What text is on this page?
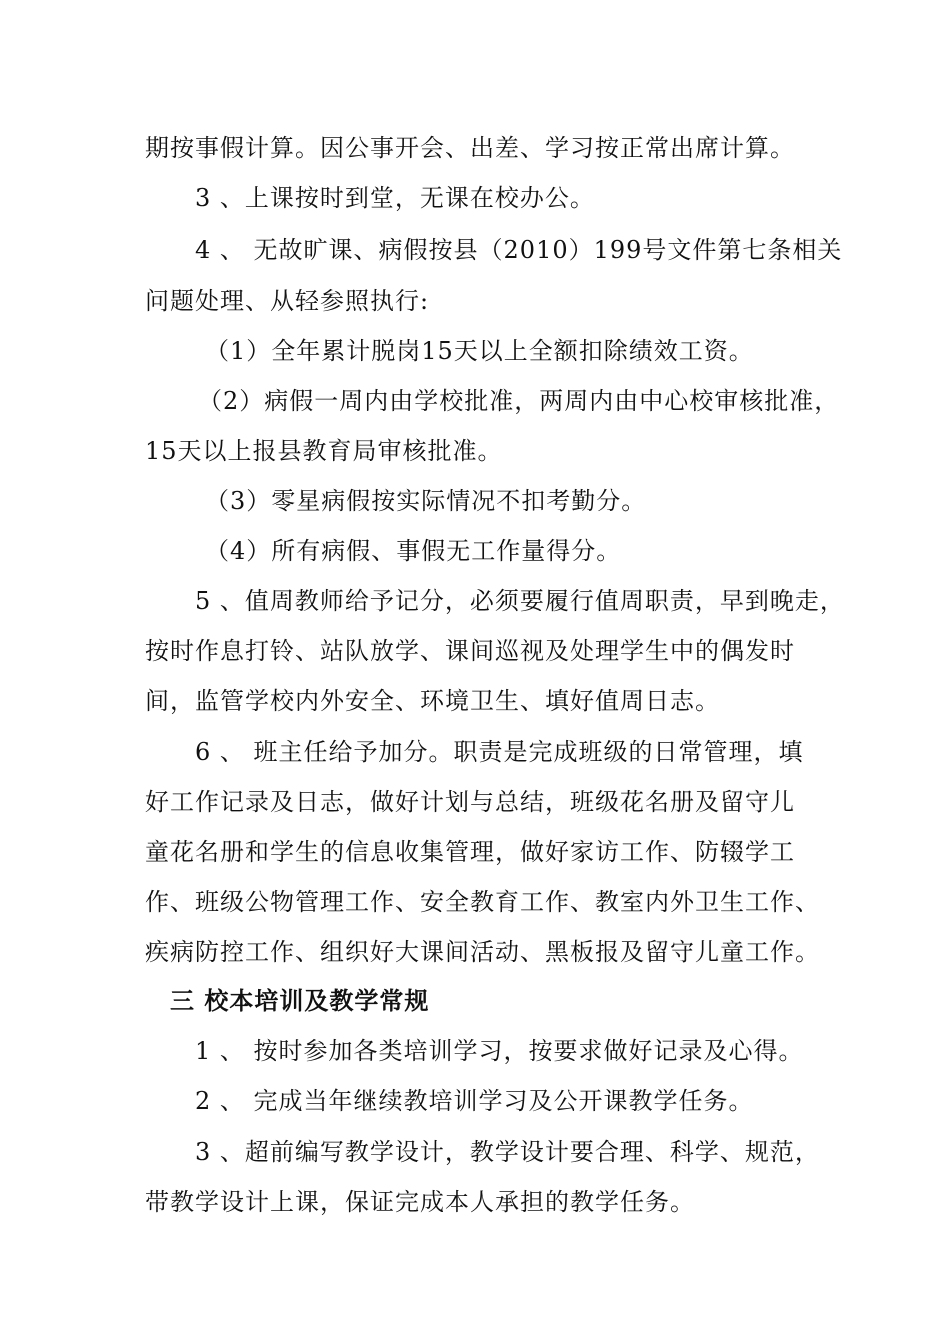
期按事假计算。因公事开会、出差、学习按正常出席计算。
3 、上课按时到堂，无课在校办公。
4 、 无故旷课、病假按县（2010）199号文件第七条相关
问题处理、从轻参照执行:
（1）全年累计脱岗15天以上全额扣除绩效工资。
（2）病假一周内由学校批准，两周内由中心校审核批准，
15天以上报县教育局审核批准。
（3）零星病假按实际情况不扣考勤分。
（4）所有病假、事假无工作量得分。
5 、值周教师给予记分，必须要履行值周职责，早到晚走，
按时作息打铃、站队放学、课间巡视及处理学生中的偶发时
间，监管学校内外安全、环境卫生、填好值周日志。
6 、 班主任给予加分。职责是完成班级的日常管理，填
好工作记录及日志，做好计划与总结，班级花名册及留守儿
童花名册和学生的信息收集管理，做好家访工作、防辍学工
作、班级公物管理工作、安全教育工作、教室内外卫生工作、
疾病防控工作、组织好大课间活动、黑板报及留守儿童工作。
三 校本培训及教学常规
1 、 按时参加各类培训学习，按要求做好记录及心得。
2 、 完成当年继续教培训学习及公开课教学任务。
3 、超前编写教学设计，教学设计要合理、科学、规范，
带教学设计上课，保证完成本人承担的教学任务。
